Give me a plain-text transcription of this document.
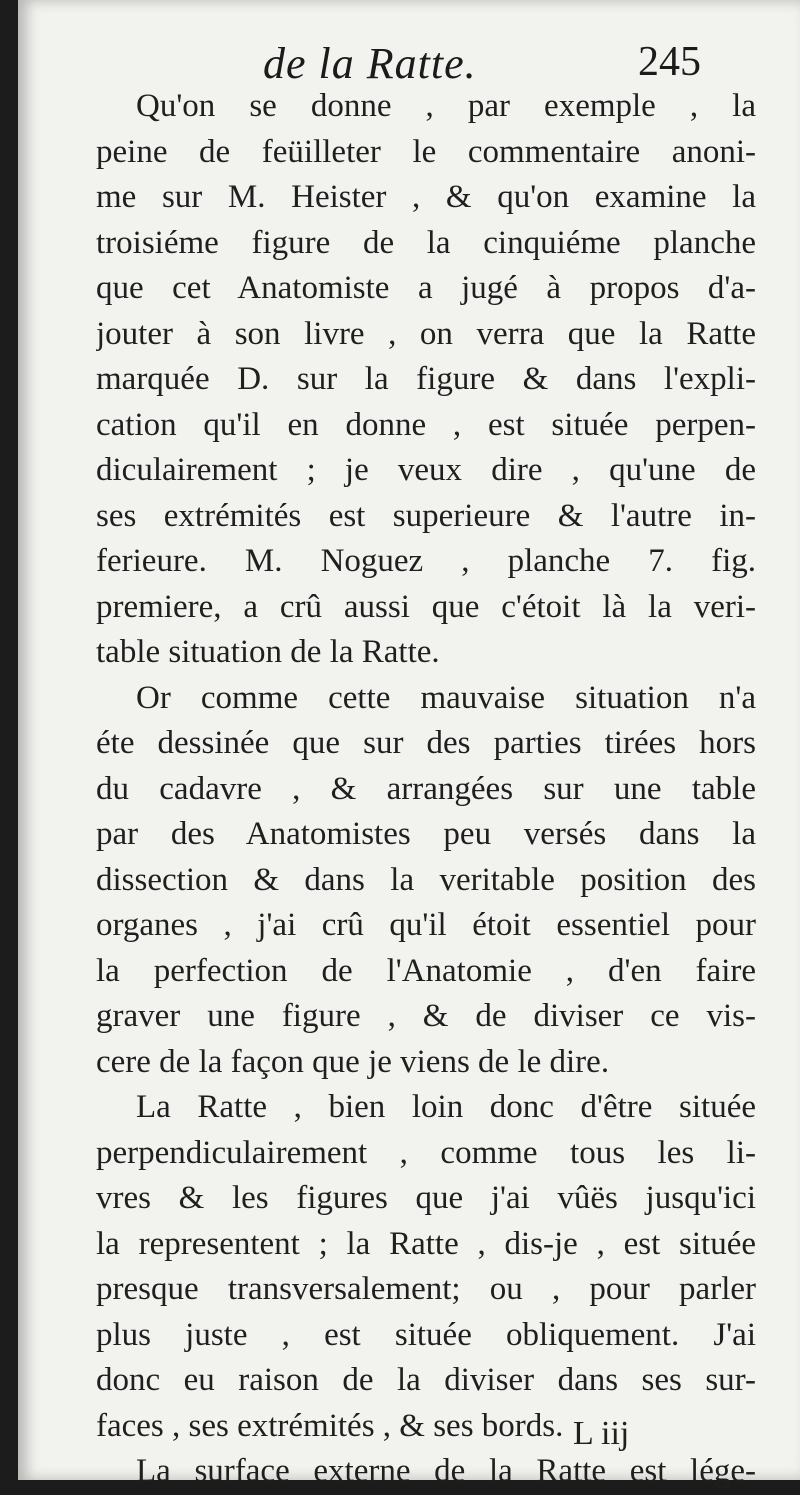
de la Ratte.	245
Qu'on se donne , par exemple , la
peine de feüilleter le commentaire anoni-
me sur M. Heister , & qu'on examine la
troisiéme figure de la cinquiéme planche
que cet Anatomiste a jugé à propos d'a-
jouter à son livre , on verra que la Ratte
marquée D. sur la figure & dans l'expli-
cation qu'il en donne , est située perpen-
diculairement ; je veux dire , qu'une de
ses extrémités est superieure & l'autre in-
ferieure. M. Noguez , planche 7. fig.
premiere, a crû aussi que c'étoit là la veri-
table situation de la Ratte.
Or comme cette mauvaise situation n'a
éte dessinée que sur des parties tirées hors
du cadavre , & arrangées sur une table
par des Anatomistes peu versés dans la
dissection & dans la veritable position des
organes , j'ai crû qu'il étoit essentiel pour
la perfection de l'Anatomie , d'en faire
graver une figure , & de diviser ce vis-
cere de la façon que je viens de le dire.
La Ratte , bien loin donc d'être située
perpendiculairement , comme tous les li-
vres & les figures que j'ai vûës jusqu'ici
la representent ; la Ratte , dis-je , est située
presque transversalement; ou , pour parler
plus juste , est située obliquement. J'ai
donc eu raison de la diviser dans ses sur-
faces , ses extrémités , & ses bords.
La surface externe de la Ratte est lége-
L iij
